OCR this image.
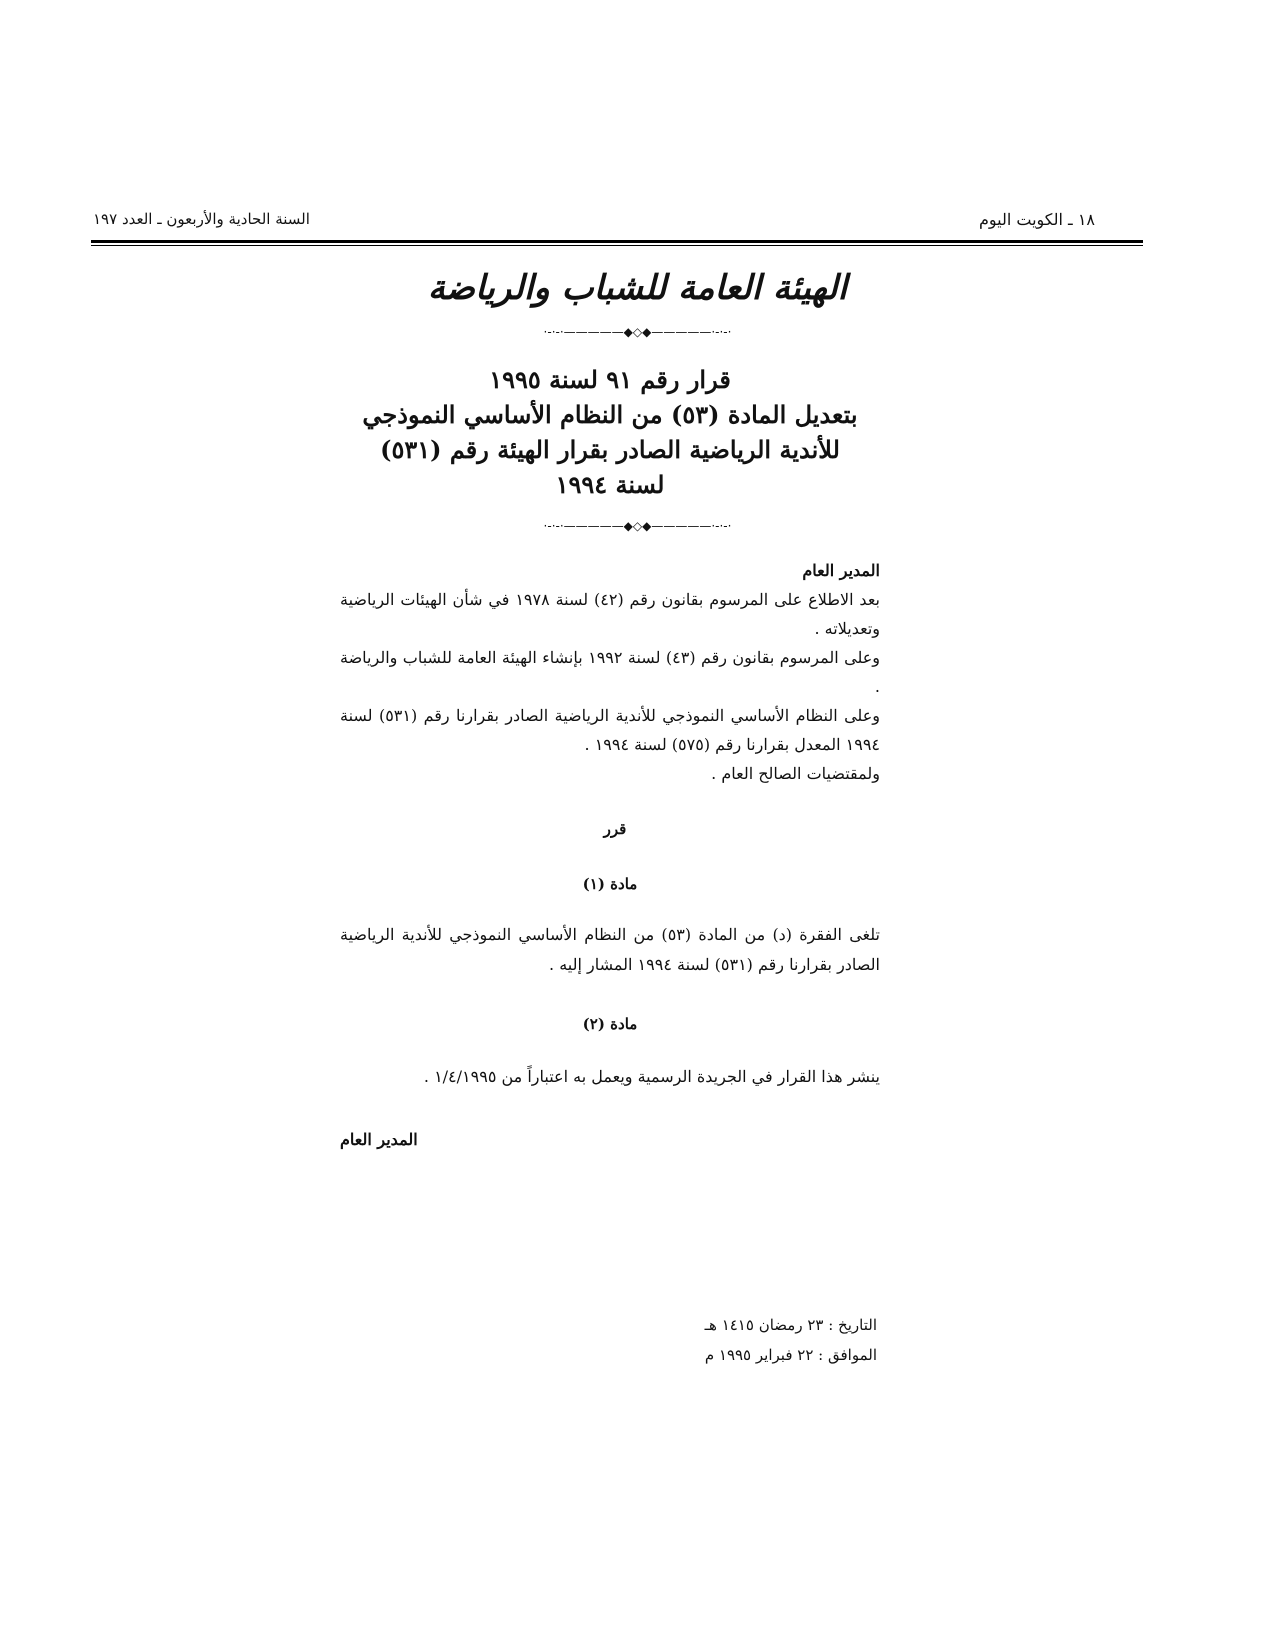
السنة الحادية والأربعون ـ العدد ١٩٧	١٨ ـ الكويت اليوم
الهيئة العامة للشباب والرياضة
·-·-·—————◆◇◆—————·-·-·
قرار رقم ٩١ لسنة ١٩٩٥
بتعديل المادة (٥٣) من النظام الأساسي النموذجي
للأندية الرياضية الصادر بقرار الهيئة رقم (٥٣١)
لسنة ١٩٩٤
·-·-·—————◆◇◆—————·-·-·

المدير العام

بعد الاطلاع على المرسوم بقانون رقم (٤٢) لسنة ١٩٧٨ في شأن الهيئات الرياضية وتعديلاته .

وعلى المرسوم بقانون رقم (٤٣) لسنة ١٩٩٢ بإنشاء الهيئة العامة للشباب والرياضة .

وعلى النظام الأساسي النموذجي للأندية الرياضية الصادر بقرارنا رقم (٥٣١) لسنة ١٩٩٤ المعدل بقرارنا رقم (٥٧٥) لسنة ١٩٩٤ .

ولمقتضيات الصالح العام .

قرر
مادة (١)

تلغى الفقرة (د) من المادة (٥٣) من النظام الأساسي النموذجي للأندية الرياضية الصادر بقرارنا رقم (٥٣١) لسنة ١٩٩٤ المشار إليه .

مادة (٢)

ينشر هذا القرار في الجريدة الرسمية ويعمل به اعتباراً من ١/٤/١٩٩٥ .

المدير العام
التاريخ : ٢٣ رمضان ١٤١٥ هـ
الموافق : ٢٢ فبراير ١٩٩٥ م
